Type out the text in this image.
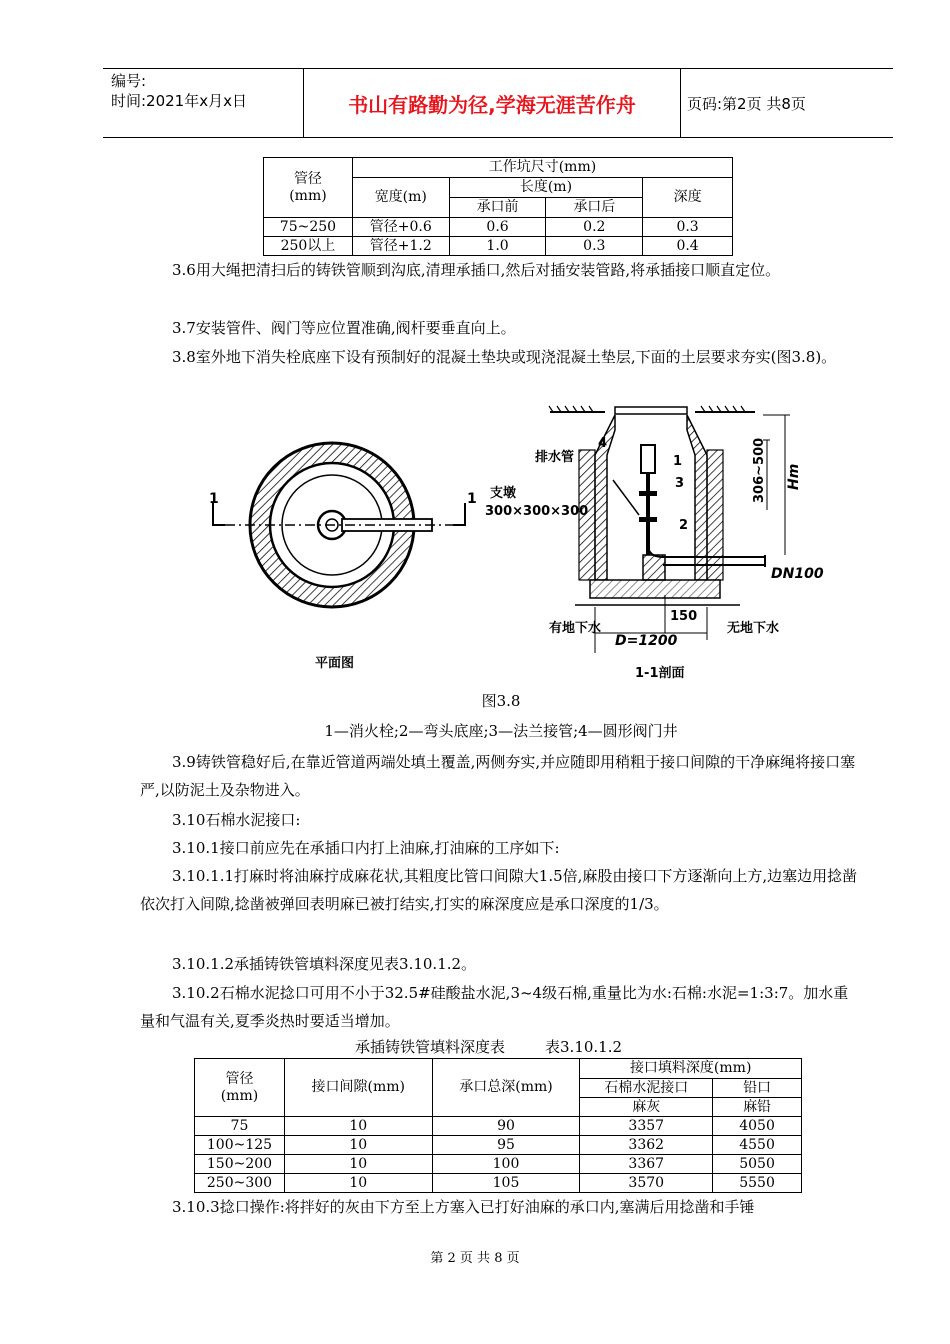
编号:
时间:2021年x月x日	书山有路勤为径,学海无涯苦作舟	页码:第2页 共8页
管径
(mm)	工作坑尺寸(mm)			
	宽度(m)	长度(m)		深度
		承口前	承口后	
75~250	管径+0.6	0.6	0.2	0.3
250以上	管径+1.2	1.0	0.3	0.4
3.6用大绳把清扫后的铸铁管顺到沟底,清理承插口,然后对插安装管路,将承插接口顺直定位。
3.7安装管件、阀门等应位置准确,阀杆要垂直向上。
3.8室外地下消失栓底座下设有预制好的混凝土垫块或现浇混凝土垫层,下面的土层要求夯实(图3.8)。
1	1
平面图
306~500 Hm
150
D=1200
DN100
4
排水管
支墩
300×300×300
1
3
2
有地下水	无地下水
1-1剖面
图3.8
1—消火栓;2—弯头底座;3—法兰接管;4—圆形阀门井
3.9铸铁管稳好后,在靠近管道两端处填土覆盖,两侧夯实,并应随即用稍粗于接口间隙的干净麻绳将接口塞严,以防泥土及杂物进入。
3.10石棉水泥接口:
3.10.1接口前应先在承插口内打上油麻,打油麻的工序如下:
3.10.1.1打麻时将油麻拧成麻花状,其粗度比管口间隙大1.5倍,麻股由接口下方逐渐向上方,边塞边用捻凿依次打入间隙,捻凿被弹回表明麻已被打结实,打实的麻深度应是承口深度的1/3。
3.10.1.2承插铸铁管填料深度见表3.10.1.2。
3.10.2石棉水泥捻口可用不小于32.5#硅酸盐水泥,3~4级石棉,重量比为水:石棉:水泥=1:3:7。加水重量和气温有关,夏季炎热时要适当增加。
承插铸铁管填料深度表	表3.10.1.2
管径
(mm)	接口间隙(mm)	承口总深(mm)	接口填料深度(mm)	
			石棉水泥接口	铅口
			麻灰	麻铅
75	10	90	3357	4050
100~125	10	95	3362	4550
150~200	10	100	3367	5050
250~300	10	105	3570	5550
3.10.3捻口操作:将拌好的灰由下方至上方塞入已打好油麻的承口内,塞满后用捻凿和手锤
第 2 页 共 8 页
